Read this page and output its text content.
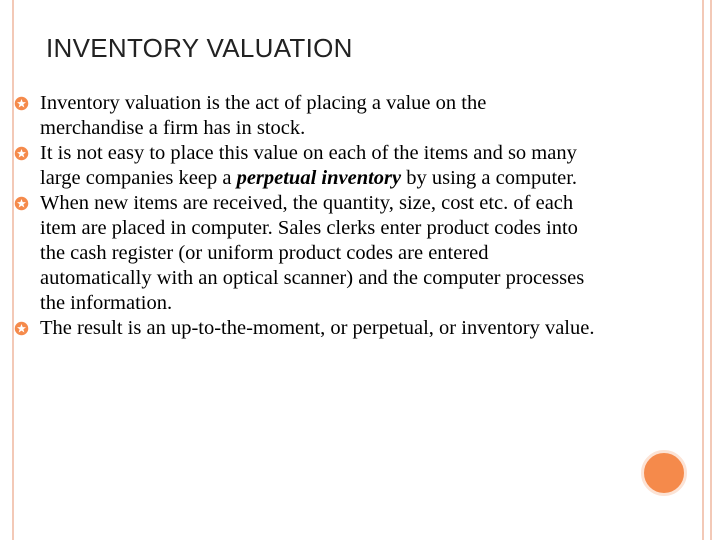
INVENTORY VALUATION
Inventory valuation is the act of placing a value on the
merchandise a firm has in stock.
It is not easy to place this value on each of the items and so many
large companies keep a perpetual inventory by using a computer.
When new items are received, the quantity, size, cost etc. of each
item are placed in computer. Sales clerks enter product codes into
the cash register (or uniform product codes are entered
automatically with an optical scanner) and the computer processes
the information.
The result is an up-to-the-moment, or perpetual, or inventory value.
